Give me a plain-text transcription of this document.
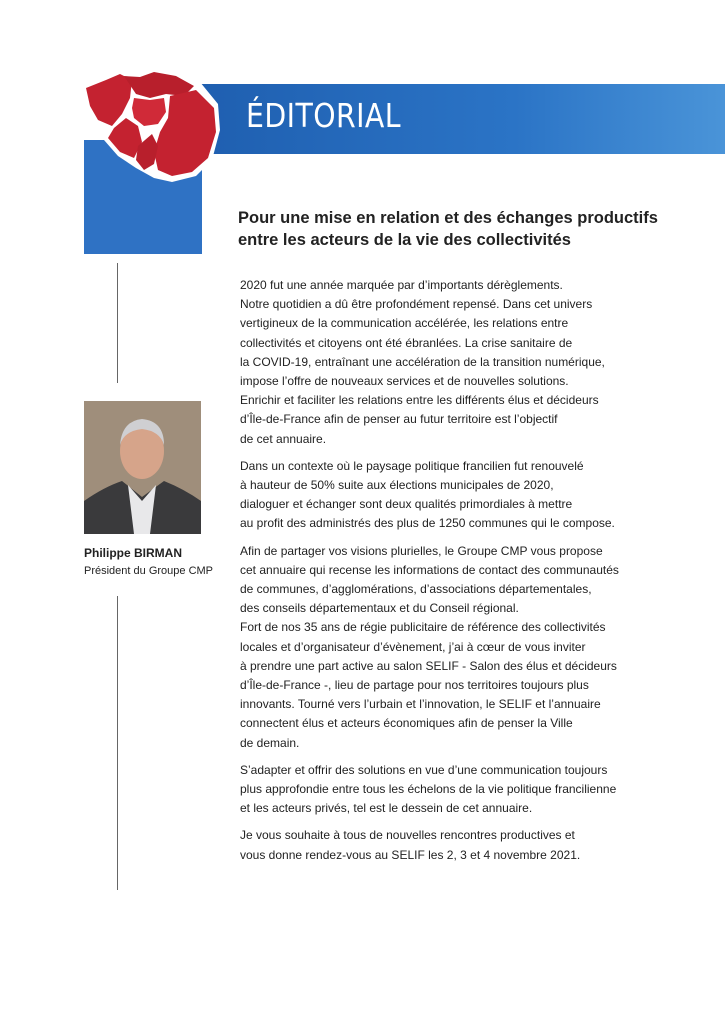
ÉDITORIAL
Philippe BIRMAN
Président du Groupe CMP
Pour une mise en relation et des échanges productifs
entre les acteurs de la vie des collectivités

2020 fut une année marquée par d’importants dérèglements.
Notre quotidien a dû être profondément repensé. Dans cet univers
vertigineux de la communication accélérée, les relations entre
collectivités et citoyens ont été ébranlées. La crise sanitaire de
la COVID-19, entraînant une accélération de la transition numérique,
impose l’offre de nouveaux services et de nouvelles solutions.
Enrichir et faciliter les relations entre les différents élus et décideurs
d’Île-de-France afin de penser au futur territoire est l’objectif
de cet annuaire.

Dans un contexte où le paysage politique francilien fut renouvelé
à hauteur de 50% suite aux élections municipales de 2020,
dialoguer et échanger sont deux qualités primordiales à mettre
au profit des administrés des plus de 1250 communes qui le compose.

Afin de partager vos visions plurielles, le Groupe CMP vous propose
cet annuaire qui recense les informations de contact des communautés
de communes, d’agglomérations, d’associations départementales,
des conseils départementaux et du Conseil régional.
Fort de nos 35 ans de régie publicitaire de référence des collectivités
locales et d’organisateur d’évènement, j’ai à cœur de vous inviter
à prendre une part active au salon SELIF - Salon des élus et décideurs
d’Île-de-France -, lieu de partage pour nos territoires toujours plus
innovants. Tourné vers l’urbain et l’innovation, le SELIF et l’annuaire
connectent élus et acteurs économiques afin de penser la Ville
de demain.

S’adapter et offrir des solutions en vue d’une communication toujours
plus approfondie entre tous les échelons de la vie politique francilienne
et les acteurs privés, tel est le dessein de cet annuaire.

Je vous souhaite à tous de nouvelles rencontres productives et
vous donne rendez-vous au SELIF les 2, 3 et 4 novembre 2021.
